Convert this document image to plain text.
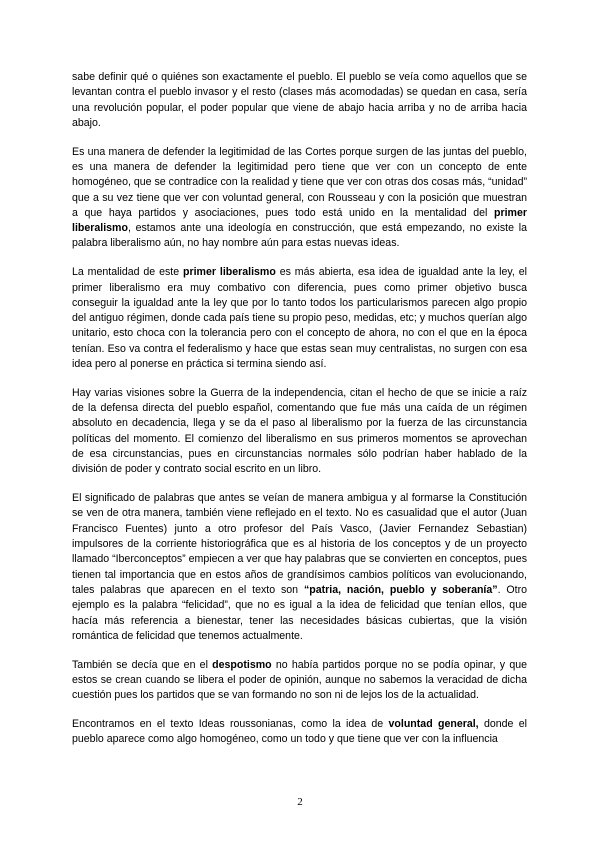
sabe definir qué o quiénes son exactamente el pueblo. El pueblo se veía como aquellos que se levantan contra el pueblo invasor y el resto (clases más acomodadas) se quedan en casa, sería una revolución popular, el poder popular que viene de abajo hacia arriba y no de arriba hacia abajo.

Es una manera de defender la legitimidad de las Cortes porque surgen de las juntas del pueblo, es una manera de defender la legitimidad pero tiene que ver con un concepto de ente homogéneo, que se contradice con la realidad y tiene que ver con otras dos cosas más, “unidad” que a su vez tiene que ver con voluntad general, con Rousseau y con la posición que muestran a que haya partidos y asociaciones, pues todo está unido en la mentalidad del primer liberalismo, estamos ante una ideología en construcción, que está empezando, no existe la palabra liberalismo aún, no hay nombre aún para estas nuevas ideas.

La mentalidad de este primer liberalismo es más abierta, esa idea de igualdad ante la ley, el primer liberalismo era muy combativo con diferencia, pues como primer objetivo busca conseguir la igualdad ante la ley que por lo tanto todos los particularismos parecen algo propio del antiguo régimen, donde cada país tiene su propio peso, medidas, etc; y muchos querían algo unitario, esto choca con la tolerancia pero con el concepto de ahora, no con el que en la época tenían. Eso va contra el federalismo y hace que estas sean muy centralistas, no surgen con esa idea pero al ponerse en práctica si termina siendo así.

Hay varias visiones sobre la Guerra de la independencia, citan el hecho de que se inicie a raíz de la defensa directa del pueblo español, comentando que fue más una caída de un régimen absoluto en decadencia, llega y se da el paso al liberalismo por la fuerza de las circunstancia políticas del momento. El comienzo del liberalismo en sus primeros momentos se aprovechan de esa circunstancias, pues en circunstancias normales sólo podrían haber hablado de la división de poder y contrato social escrito en un libro.

El significado de palabras que antes se veían de manera ambigua y al formarse la Constitución se ven de otra manera, también viene reflejado en el texto. No es casualidad que el autor (Juan Francisco Fuentes) junto a otro profesor del País Vasco, (Javier Fernandez Sebastian) impulsores de la corriente historiográfica que es al historia de los conceptos y de un proyecto llamado “Iberconceptos” empiecen a ver que hay palabras que se convierten en conceptos, pues tienen tal importancia que en estos años de grandísimos cambios políticos van evolucionando, tales palabras que aparecen en el texto son “patria, nación, pueblo y soberanía”. Otro ejemplo es la palabra “felicidad”, que no es igual a la idea de felicidad que tenían ellos, que hacía más referencia a bienestar, tener las necesidades básicas cubiertas, que la visión romántica de felicidad que tenemos actualmente.

También se decía que en el despotismo no había partidos porque no se podía opinar, y que estos se crean cuando se libera el poder de opinión, aunque no sabemos la veracidad de dicha cuestión pues los partidos que se van formando no son ni de lejos los de la actualidad.

Encontramos en el texto Ideas roussonianas, como la idea de voluntad general, donde el pueblo aparece como algo homogéneo, como un todo y que tiene que ver con la influencia

2
